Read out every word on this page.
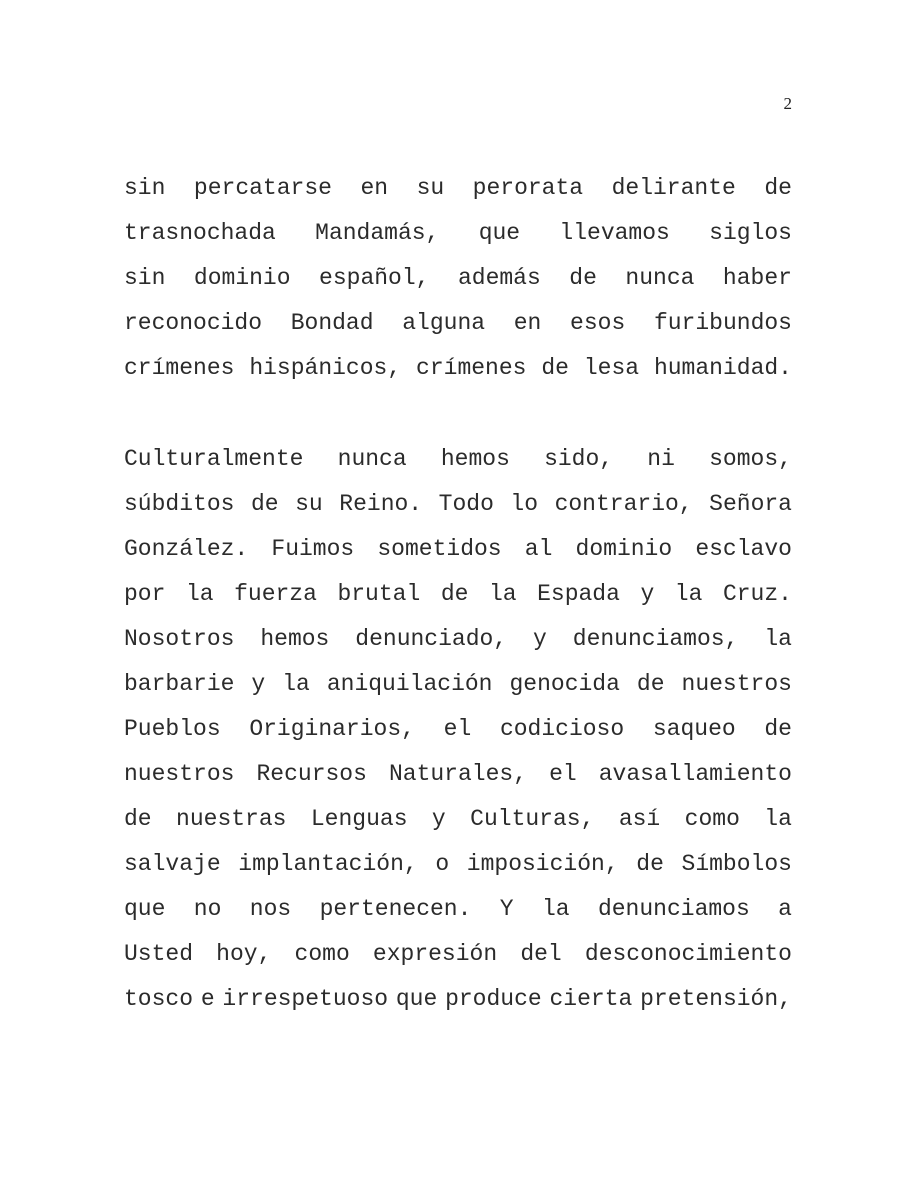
2
sin percatarse en su perorata delirante de
trasnochada Mandamás, que llevamos siglos
sin dominio español, además de nunca haber
reconocido Bondad alguna en esos furibundos
crímenes hispánicos, crímenes de lesa humanidad.
Culturalmente nunca hemos sido, ni somos,
súbditos de su Reino. Todo lo contrario, Señora
González. Fuimos sometidos al dominio esclavo
por la fuerza brutal de la Espada y la Cruz.
Nosotros hemos denunciado, y denunciamos, la
barbarie y la aniquilación genocida de nuestros
Pueblos Originarios, el codicioso saqueo de
nuestros Recursos Naturales, el avasallamiento
de nuestras Lenguas y Culturas, así como la
salvaje implantación, o imposición, de Símbolos
que no nos pertenecen. Y la denunciamos a
Usted hoy, como expresión del desconocimiento
tosco e irrespetuoso que produce cierta pretensión,
